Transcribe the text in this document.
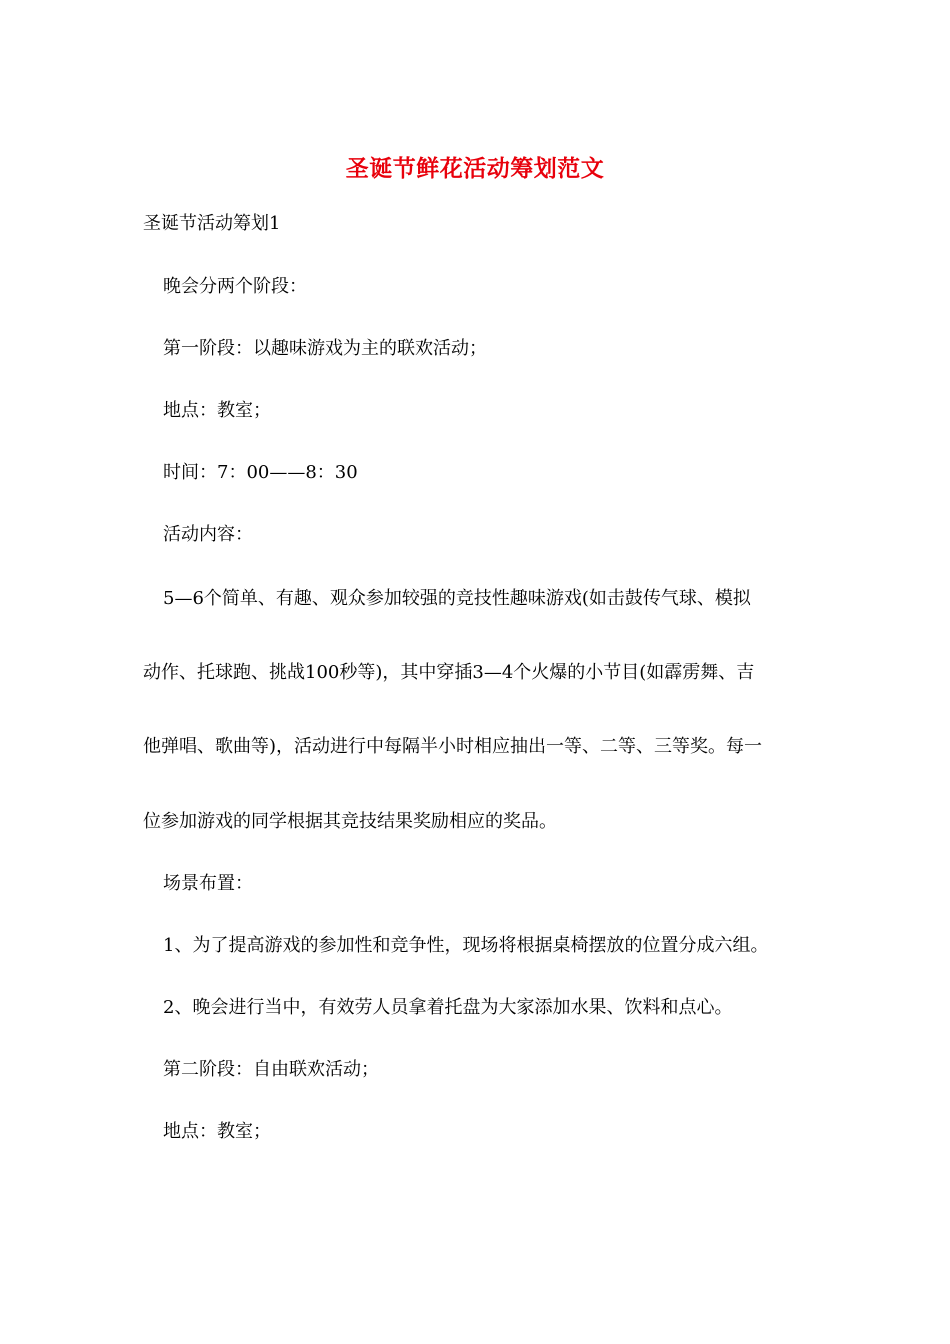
圣诞节鲜花活动筹划范文
圣诞节活动筹划1
晚会分两个阶段：
第一阶段：以趣味游戏为主的联欢活动；
地点：教室；
时间：7：00——8：30
活动内容：
5—6个简单、有趣、观众参加较强的竞技性趣味游戏(如击鼓传气球、模拟
动作、托球跑、挑战100秒等)，其中穿插3—4个火爆的小节目(如霹雳舞、吉
他弹唱、歌曲等)，活动进行中每隔半小时相应抽出一等、二等、三等奖。每一
位参加游戏的同学根据其竞技结果奖励相应的奖品。
场景布置：
1、为了提高游戏的参加性和竞争性，现场将根据桌椅摆放的位置分成六组。
2、晚会进行当中，有效劳人员拿着托盘为大家添加水果、饮料和点心。
第二阶段：自由联欢活动；
地点：教室；
